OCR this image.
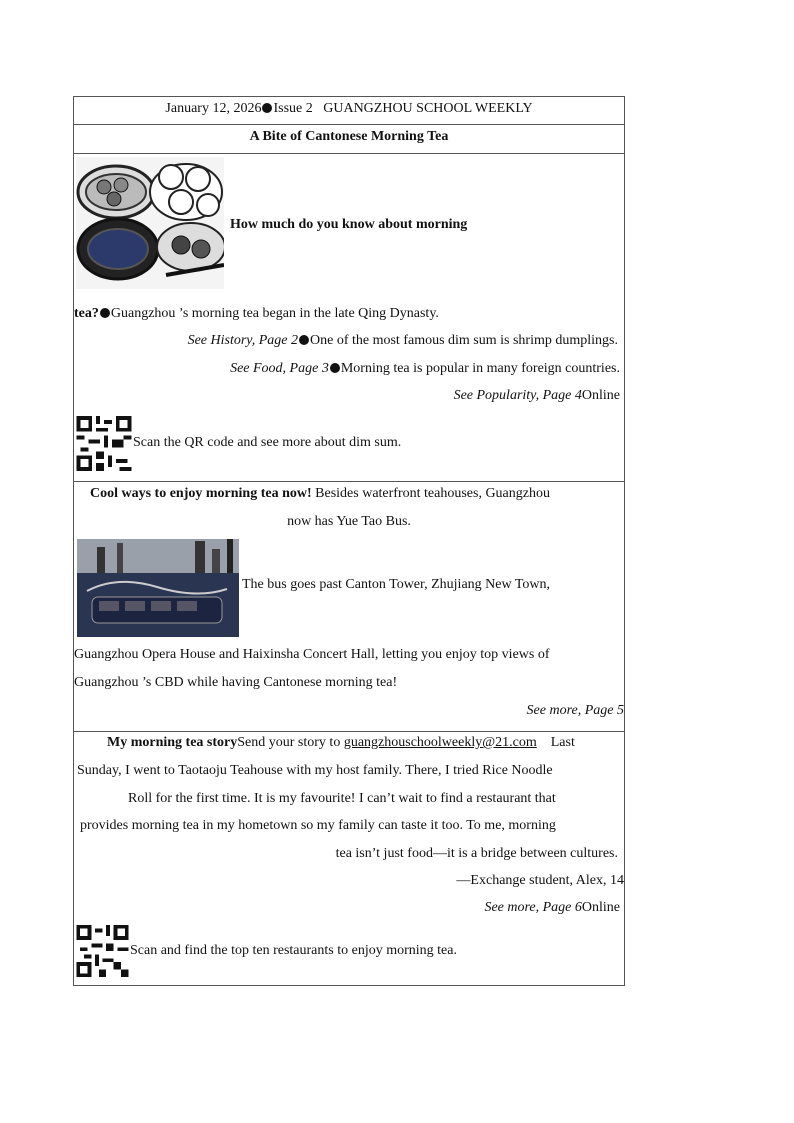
January 12, 2026 Issue 2 GUANGZHOU SCHOOL WEEKLY
A Bite of Cantonese Morning Tea
How much do you know about morning
tea? Guangzhou ’s morning tea began in the late Qing Dynasty.
See History, Page 2 One of the most famous dim sum is shrimp dumplings.
See Food, Page 3 Morning tea is popular in many foreign countries.
See Popularity, Page 4Online
Scan the QR code and see more about dim sum.
Cool ways to enjoy morning tea now! Besides waterfront teahouses, Guangzhou
now has Yue Tao Bus.
The bus goes past Canton Tower, Zhujiang New Town,
Guangzhou Opera House and Haixinsha Concert Hall, letting you enjoy top views of
Guangzhou ’s CBD while having Cantonese morning tea!
See more, Page 5
My morning tea storySend your story to guangzhouschoolweekly@21.com Last
Sunday, I went to Taotaoju Teahouse with my host family. There, I tried Rice Noodle
Roll for the first time. It is my favourite! I can’t wait to find a restaurant that
provides morning tea in my hometown so my family can taste it too. To me, morning
tea isn’t just food—it is a bridge between cultures.
—Exchange student, Alex, 14
See more, Page 6Online
Scan and find the top ten restaurants to enjoy morning tea.
